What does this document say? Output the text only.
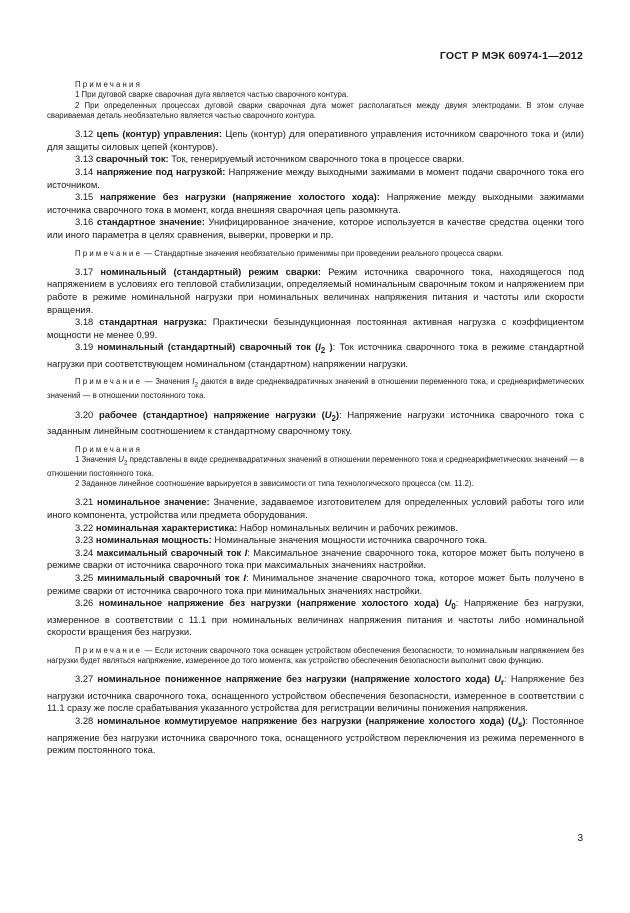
ГОСТ Р МЭК 60974-1—2012

Примечания

1 При дуговой сварке сварочная дуга является частью сварочного контура.

2 При определенных процессах дуговой сварки сварочная дуга может располагаться между двумя электродами. В этом случае свариваемая деталь необязательно является частью сварочного контура.

3.12 цепь (контур) управления: Цепь (контур) для оперативного управления источником сварочного тока и (или) для защиты силовых цепей (контуров).

3.13 сварочный ток: Ток, генерируемый источником сварочного тока в процессе сварки.

3.14 напряжение под нагрузкой: Напряжение между выходными зажимами в момент подачи сварочного тока его источником.

3.15 напряжение без нагрузки (напряжение холостого хода): Напряжение между выходными зажимами источника сварочного тока в момент, когда внешняя сварочная цепь разомкнута.

3.16 стандартное значение: Унифицированное значение, которое используется в качестве средства оценки того или иного параметра в целях сравнения, выверки, проверки и пр.

Примечание — Стандартные значения необязательно применимы при проведении реального процесса сварки.

3.17 номинальный (стандартный) режим сварки: Режим источника сварочного тока, находящегося под напряжением в условиях его тепловой стабилизации, определяемый номинальным сварочным током и напряжением при работе в режиме номинальной нагрузки при номинальных величинах напряжения питания и частоты или скорости вращения.

3.18 стандартная нагрузка: Практически безындукционная постоянная активная нагрузка с коэффициентом мощности не менее 0,99.

3.19 номинальный (стандартный) сварочный ток ($I_2$ ): Ток источника сварочного тока в режиме стандартной нагрузки при соответствующем номинальном (стандартном) напряжении нагрузки.

Примечание — Значения $I_2$ даются в виде среднеквадратичных значений в отношении переменного тока, и среднеарифметических значений — в отношении постоянного тока.

3.20 рабочее (стандартное) напряжение нагрузки $(U_2)$: Напряжение нагрузки источника сварочного тока с заданным линейным соотношением к стандартному сварочному току.

Примечания

1 Значения $U_2$ представлены в виде среднеквадратичных значений в отношении переменного тока и среднеарифметических значений — в отношении постоянного тока.

2 Заданное линейное соотношение варьируется в зависимости от типа технологического процесса (см. 11.2).

3.21 номинальное значение: Значение, задаваемое изготовителем для определенных условий работы того или иного компонента, устройства или предмета оборудования.

3.22 номинальная характеристика: Набор номинальных величин и рабочих режимов.

3.23 номинальная мощность: Номинальные значения мощности источника сварочного тока.

3.24 максимальный сварочный ток I: Максимальное значение сварочного тока, которое может быть получено в режиме сварки от источника сварочного тока при максимальных значениях настройки.

3.25 минимальный сварочный ток I: Минимальное значение сварочного тока, которое может быть получено в режиме сварки от источника сварочного тока при минимальных значениях настройки.

3.26 номинальное напряжение без нагрузки (напряжение холостого хода) $U_0$: Напряжение без нагрузки, измеренное в соответствии с 11.1 при номинальных величинах напряжения питания и частоты либо номинальной скорости вращения без нагрузки.

Примечание — Если источник сварочного тока оснащен устройством обеспечения безопасности, то номинальным напряжением без нагрузки будет являться напряжение, измеренное до того момента, как устройство обеспечения безопасности выполнит свою функцию.

3.27 номинальное пониженное напряжение без нагрузки (напряжение холостого хода) $U_r$: Напряжение без нагрузки источника сварочного тока, оснащенного устройством обеспечения безопасности, измеренное в соответствии с 11.1 сразу же после срабатывания указанного устройства для регистрации величины понижения напряжения.

3.28 номинальное коммутируемое напряжение без нагрузки (напряжение холостого хода) $(U_s)$: Постоянное напряжение без нагрузки источника сварочного тока, оснащенного устройством переключения из режима переменного в режим постоянного тока.

3
